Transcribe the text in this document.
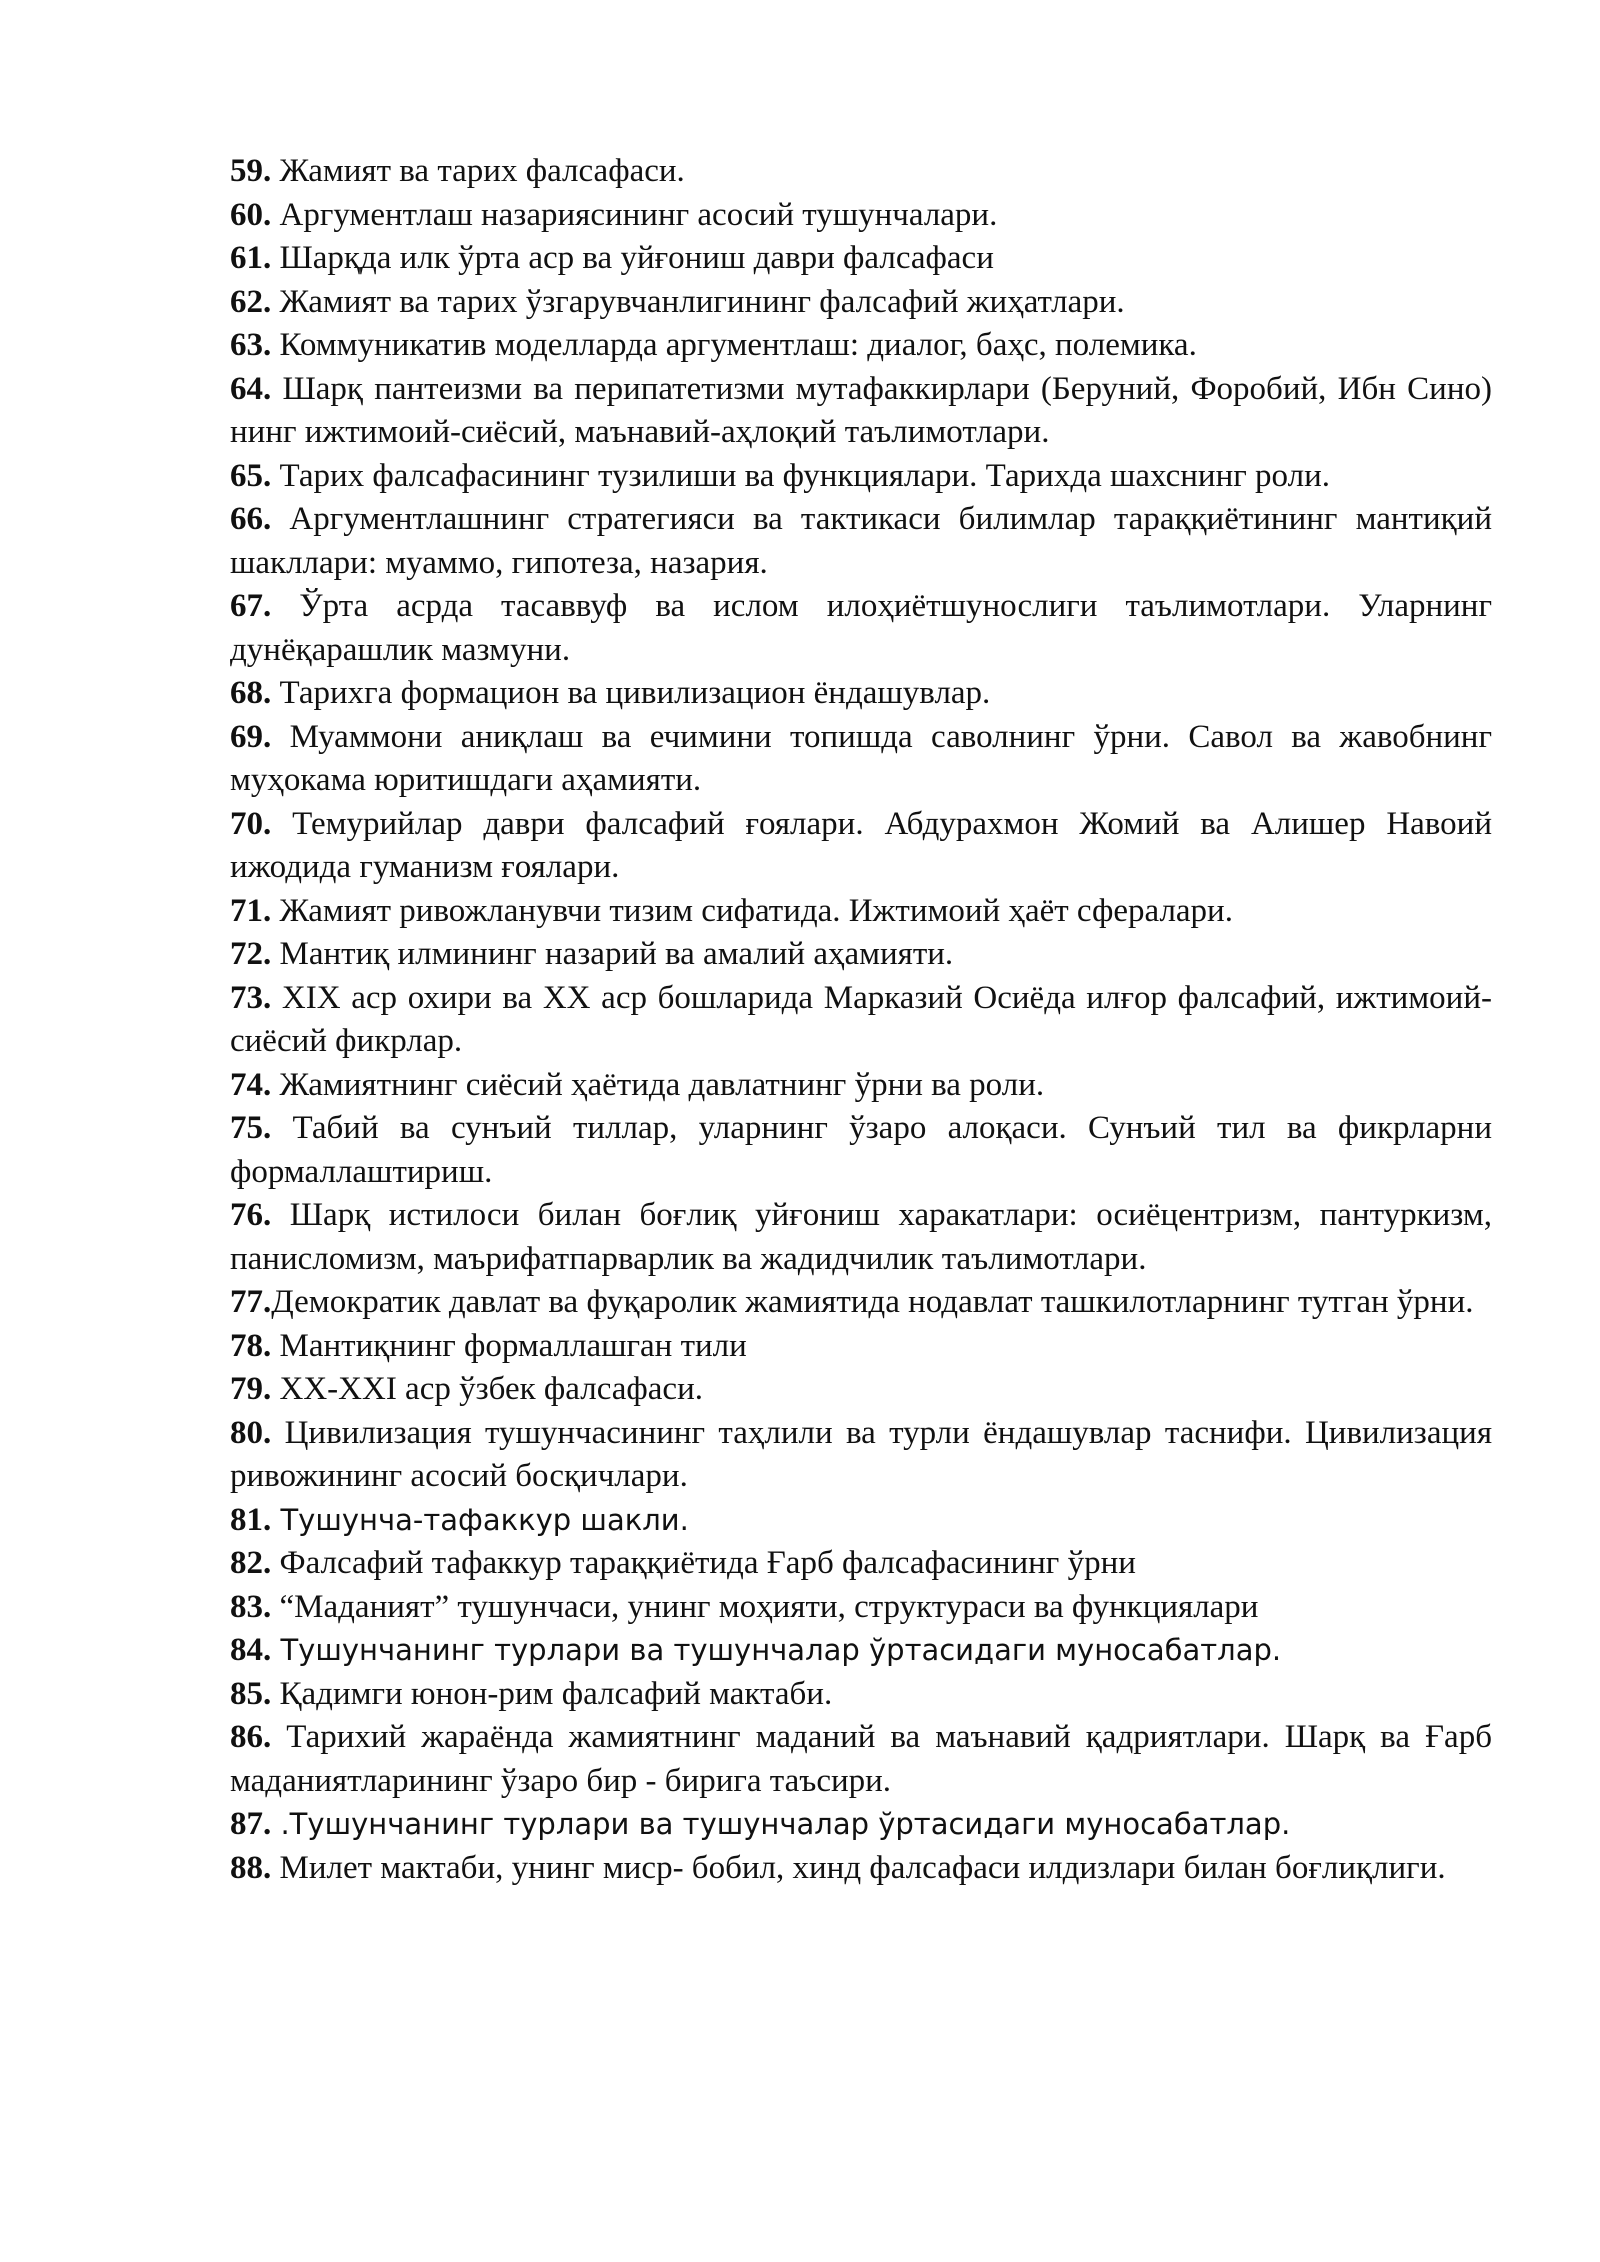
59. Жамият ва тарих фалсафаси.

60. Аргументлаш назариясининг асосий тушунчалари.

61. Шарқда илк ўрта аср ва уйғониш даври фалсафаси

62. Жамият ва тарих ўзгарувчанлигининг фалсафий жиҳатлари.

63. Коммуникатив моделларда аргументлаш: диалог, баҳс, полемика.

64. Шарқ пантеизми ва перипатетизми мутафаккирлари (Беруний, Форобий, Ибн Сино) нинг ижтимоий-сиёсий, маънавий-аҳлоқий таълимотлари.

65. Тарих фалсафасининг тузилиши ва функциялари. Тарихда шахснинг роли.

66. Аргументлашнинг стратегияси ва тактикаси билимлар тараққиётининг мантиқий шакллари: муаммо, гипотеза, назария.

67. Ўрта асрда тасаввуф ва ислом илоҳиётшунослиги таълимотлари. Уларнинг дунёқарашлик мазмуни.

68. Тарихга формацион ва цивилизацион ёндашувлар.

69. Муаммони аниқлаш ва ечимини топишда саволнинг ўрни. Савол ва жавобнинг муҳокама юритишдаги аҳамияти.

70. Темурийлар даври фалсафий ғоялари. Абдурахмон Жомий ва Алишер Навоий ижодида гуманизм ғоялари.

71. Жамият ривожланувчи тизим сифатида. Ижтимоий ҳаёт сфералари.

72. Мантиқ илмининг назарий ва амалий аҳамияти.

73. XIX аср охири ва XX аср бошларида Марказий Осиёда илғор фалсафий, ижтимоий-сиёсий фикрлар.

74. Жамиятнинг сиёсий ҳаётида давлатнинг ўрни ва роли.

75. Табий ва сунъий тиллар, уларнинг ўзаро алоқаси. Сунъий тил ва фикрларни формаллаштириш.

76. Шарқ истилоси билан боғлиқ уйғониш харакатлари: осиёцентризм, пантуркизм, панисломизм, маърифатпарварлик ва жадидчилик таълимотлари.

77.Демократик давлат ва фуқаролик жамиятида нодавлат ташкилотларнинг тутган ўрни.

78. Мантиқнинг формаллашган тили

79. XX-XXI аср ўзбек фалсафаси.

80. Цивилизация тушунчасининг таҳлили ва турли ёндашувлар таснифи. Цивилизация ривожининг асосий босқичлари.

81. Тушунча-тафаккур шакли.

82. Фалсафий тафаккур тараққиётида Ғарб фалсафасининг ўрни

83. “Маданият” тушунчаси, унинг моҳияти, структураси ва функциялари

84. Тушунчанинг турлари ва тушунчалар ўртасидаги муносабатлар.

85. Қадимги юнон-рим фалсафий мактаби.

86. Тарихий жараёнда жамиятнинг маданий ва маънавий қадриятлари. Шарқ ва Ғарб маданиятларининг ўзаро бир - бирига таъсири.

87. .Тушунчанинг турлари ва тушунчалар ўртасидаги муносабатлар.

88. Милет мактаби, унинг миср- бобил, хинд фалсафаси илдизлари билан боғлиқлиги.
